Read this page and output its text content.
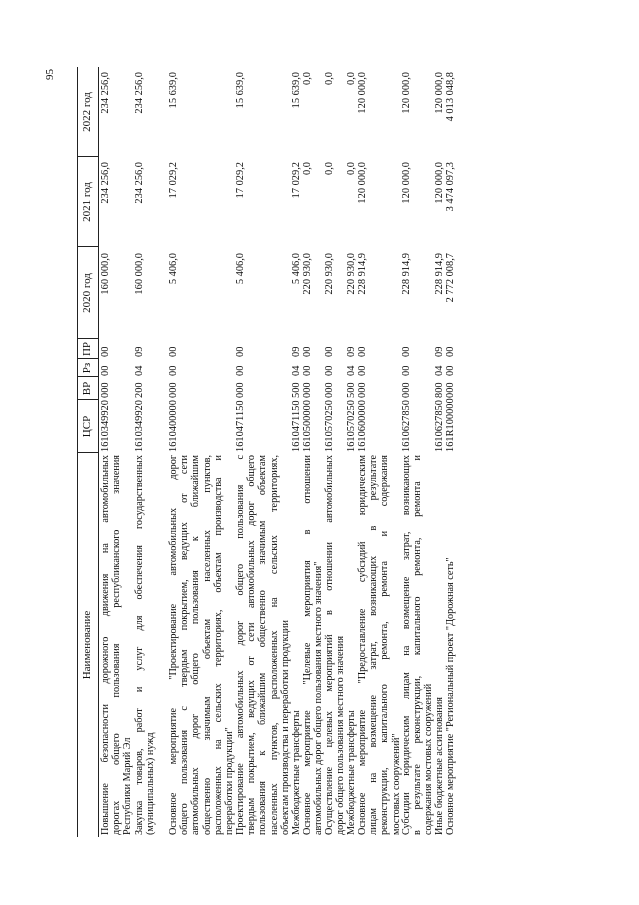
95
Наименование
ЦСР
ВР
Рз
ПР
2020 год
2021 год
2022 год
Повышение безопасности дорожного движения на автомобильных дорогах общего пользования республиканского значения Республики Марий Эл
1610349920
000
00
00
160 000,0
234 256,0
234 256,0
Закупка товаров, работ и услуг для обеспечения государственных (муниципальных) нужд
1610349920
200
04
09
160 000,0
234 256,0
234 256,0
Основное мероприятие "Проектирование автомобильных дорог общего пользования с твердым покрытием, ведущих от сети автомобильных дорог общего пользования к ближайшим общественно значимым объектам населенных пунктов, расположенных на сельских территориях, объектам производства и переработки продукции"
1610400000
000
00
00
5 406,0
17 029,2
15 639,0
Проектирование автомобильных дорог общего пользования с твердым покрытием, ведущих от сети автомобильных дорог общего пользования к ближайшим общественно значимым объектам населенных пунктов, расположенных на сельских территориях, объектам производства и переработки продукции
1610471150
000
00
00
5 406,0
17 029,2
15 639,0
Межбюджетные трансферты
1610471150
500
04
09
5 406,0
17 029,2
15 639,0
Основное мероприятие "Целевые мероприятия в отношении автомобильных дорог общего пользования местного значения"
1610500000
000
00
00
220 930,0
0,0
0,0
Осуществление целевых мероприятий в отношении автомобильных дорог общего пользования местного значения
1610570250
000
00
00
220 930,0
0,0
0,0
Межбюджетные трансферты
1610570250
500
04
09
220 930,0
0,0
0,0
Основное мероприятие "Предоставление субсидий юридическим лицам на возмещение затрат, возникающих в результате реконструкции, капитального ремонта, ремонта и содержания мостовых сооружений"
1610600000
000
00
00
228 914,9
120 000,0
120 000,0
Субсидии юридическим лицам на возмещение затрат, возникающих в результате реконструкции, капитального ремонта, ремонта и содержания мостовых сооружений
1610627850
000
00
00
228 914,9
120 000,0
120 000,0
Иные бюджетные ассигнования
1610627850
800
04
09
228 914,9
120 000,0
120 000,0
Основное мероприятие "Региональный проект "Дорожная сеть"
161R100000
000
00
00
2 772 008,7
3 474 097,3
4 013 048,8
